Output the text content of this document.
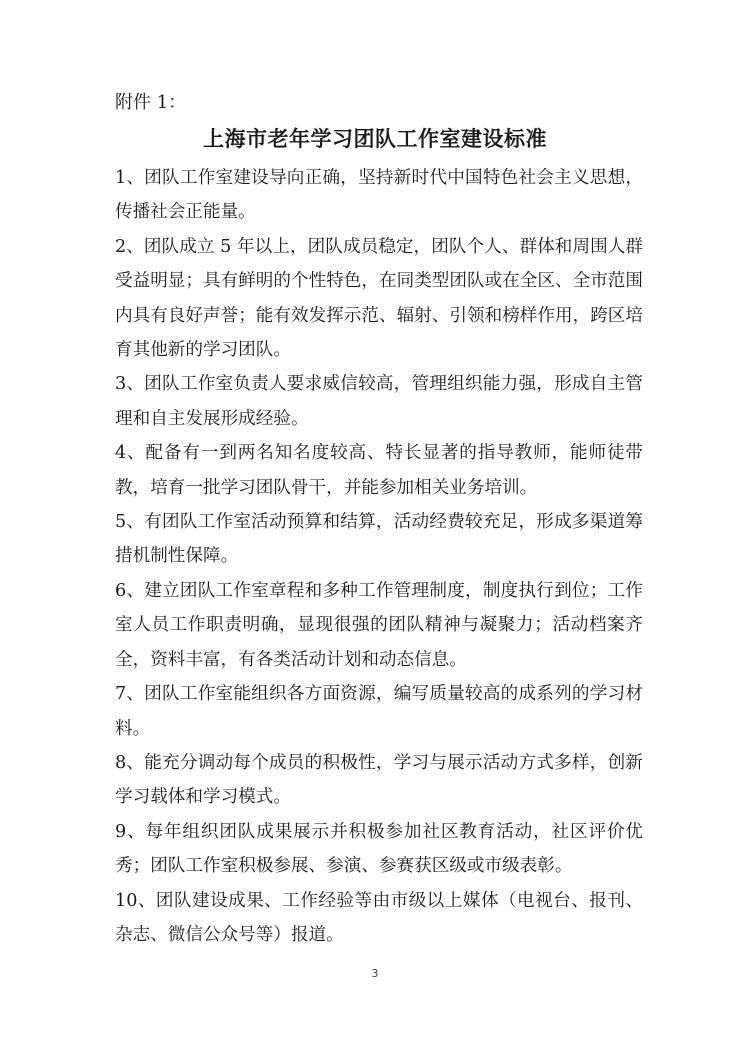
附件 1：
上海市老年学习团队工作室建设标准

1、团队工作室建设导向正确，坚持新时代中国特色社会主义思想，传播社会正能量。

2、团队成立 5 年以上，团队成员稳定，团队个人、群体和周围人群受益明显；具有鲜明的个性特色，在同类型团队或在全区、全市范围内具有良好声誉；能有效发挥示范、辐射、引领和榜样作用，跨区培育其他新的学习团队。

3、团队工作室负责人要求威信较高，管理组织能力强，形成自主管理和自主发展形成经验。

4、配备有一到两名知名度较高、特长显著的指导教师，能师徒带教，培育一批学习团队骨干，并能参加相关业务培训。

5、有团队工作室活动预算和结算，活动经费较充足，形成多渠道筹措机制性保障。

6、建立团队工作室章程和多种工作管理制度，制度执行到位；工作室人员工作职责明确，显现很强的团队精神与凝聚力；活动档案齐全，资料丰富，有各类活动计划和动态信息。

7、团队工作室能组织各方面资源，编写质量较高的成系列的学习材料。

8、能充分调动每个成员的积极性，学习与展示活动方式多样，创新学习载体和学习模式。

9、每年组织团队成果展示并积极参加社区教育活动，社区评价优秀；团队工作室积极参展、参演、参赛获区级或市级表彰。

10、团队建设成果、工作经验等由市级以上媒体（电视台、报刊、杂志、微信公众号等）报道。

3
